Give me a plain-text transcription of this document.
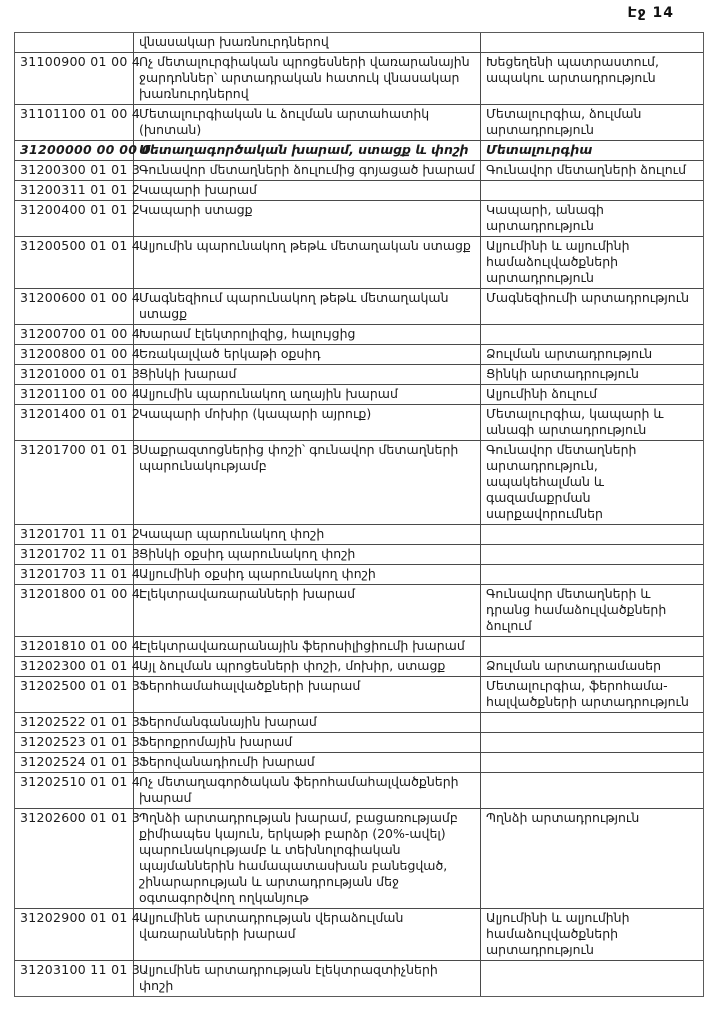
Էջ 14
	վնասակար խառնուրդներով	
31100900 01 00 4	Ոչ մետալուրգիական պրոցեսների վառարանային ջարդոններ՝ արտադրական հատուկ վնասակար խառնուրդներով	Խեցեղենի պատրաստում, ապակու արտադրություն
31101100 01 00 4	Մետալուրգիական և ձուլման արտահատիկ (խոտան)	Մետալուրգիա, ձուլման արտադրություն
31200000 00 00 0	Մետաղագործական խարամ, ստացք և փոշի	Մետալուրգիա
31200300 01 01 3	Գունավոր մետաղների ձուլումից գոյացած խարամ	Գունավոր մետաղների ձուլում
31200311 01 01 2	Կապարի խարամ	
31200400 01 01 2	Կապարի ստացք	Կապարի, անագի արտադրություն
31200500 01 01 4	Ալյումին պարունակող թեթև մետաղական ստացք	Ալյումինի և ալյումինի համաձուլվածքների արտադրություն
31200600 01 00 4	Մագնեզիում պարունակող թեթև մետաղական ստացք	Մագնեզիումի արտադրություն
31200700 01 00 4	Խարամ էլեկտրոլիզից, հալույցից	
31200800 01 00 4	Եռակալված երկաթի օքսիդ	Ձուլման արտադրություն
31201000 01 01 3	Ցինկի խարամ	Ցինկի արտադրություն
31201100 01 00 4	Ալյումին պարունակող աղային խարամ	Ալյումինի ձուլում
31201400 01 01 2	Կապարի մոխիր (կապարի այրուք)	Մետալուրգիա, կապարի և անագի արտադրություն
31201700 01 01 3	Սաքրազտոցներից փոշի՝ գունավոր մետաղների պարունակությամբ	Գունավոր մետաղների արտադրություն, ապակեհալման և գազամաքրման սարքավորումներ
31201701 11 01 2	Կապար պարունակող փոշի	
31201702 11 01 3	Ցինկի օքսիդ պարունակող փոշի	
31201703 11 01 4	Ալյումինի օքսիդ պարունակող փոշի	
31201800 01 00 4	Էլեկտրավառարանների խարամ	Գունավոր մետաղների և դրանց համաձուլվածքների ձուլում
31201810 01 00 4	Էլեկտրավառարանային ֆերոսիլիցիումի խարամ	
31202300 01 01 4	Այլ ձուլման պրոցեսների փոշի, մոխիր, ստացք	Ձուլման արտադրամասեր
31202500 01 01 3	Ֆերոհամահալվածքների խարամ	Մետալուրգիա, ֆերոհամա-հալվածքների արտադրություն
31202522 01 01 3	Ֆերոմանգանային խարամ	
31202523 01 01 3	Ֆերոքրոմային խարամ	
31202524 01 01 3	Ֆերովանադիումի խարամ	
31202510 01 01 4	Ոչ մետաղագործական ֆերոհամահալվածքների խարամ	
31202600 01 01 3	Պղնձի արտադրության խարամ, բացառությամբ քիմիապես կայուն, երկաթի բարձր (20%-ավել) պարունակությամբ և տեխնոլոգիական պայմաններին համապատասխան բանեցված, շինարարության և արտադրության մեջ օգտագործվող ողկանյութ	Պղնձի արտադրություն
31202900 01 01 4	Ալյումինե արտադրության վերաձուլման վառարանների խարամ	Ալյումինի և ալյումինի համաձուլվածքների արտադրություն
31203100 11 01 3	Ալյումինե արտադրության էլեկտրազտիչների փոշի	
